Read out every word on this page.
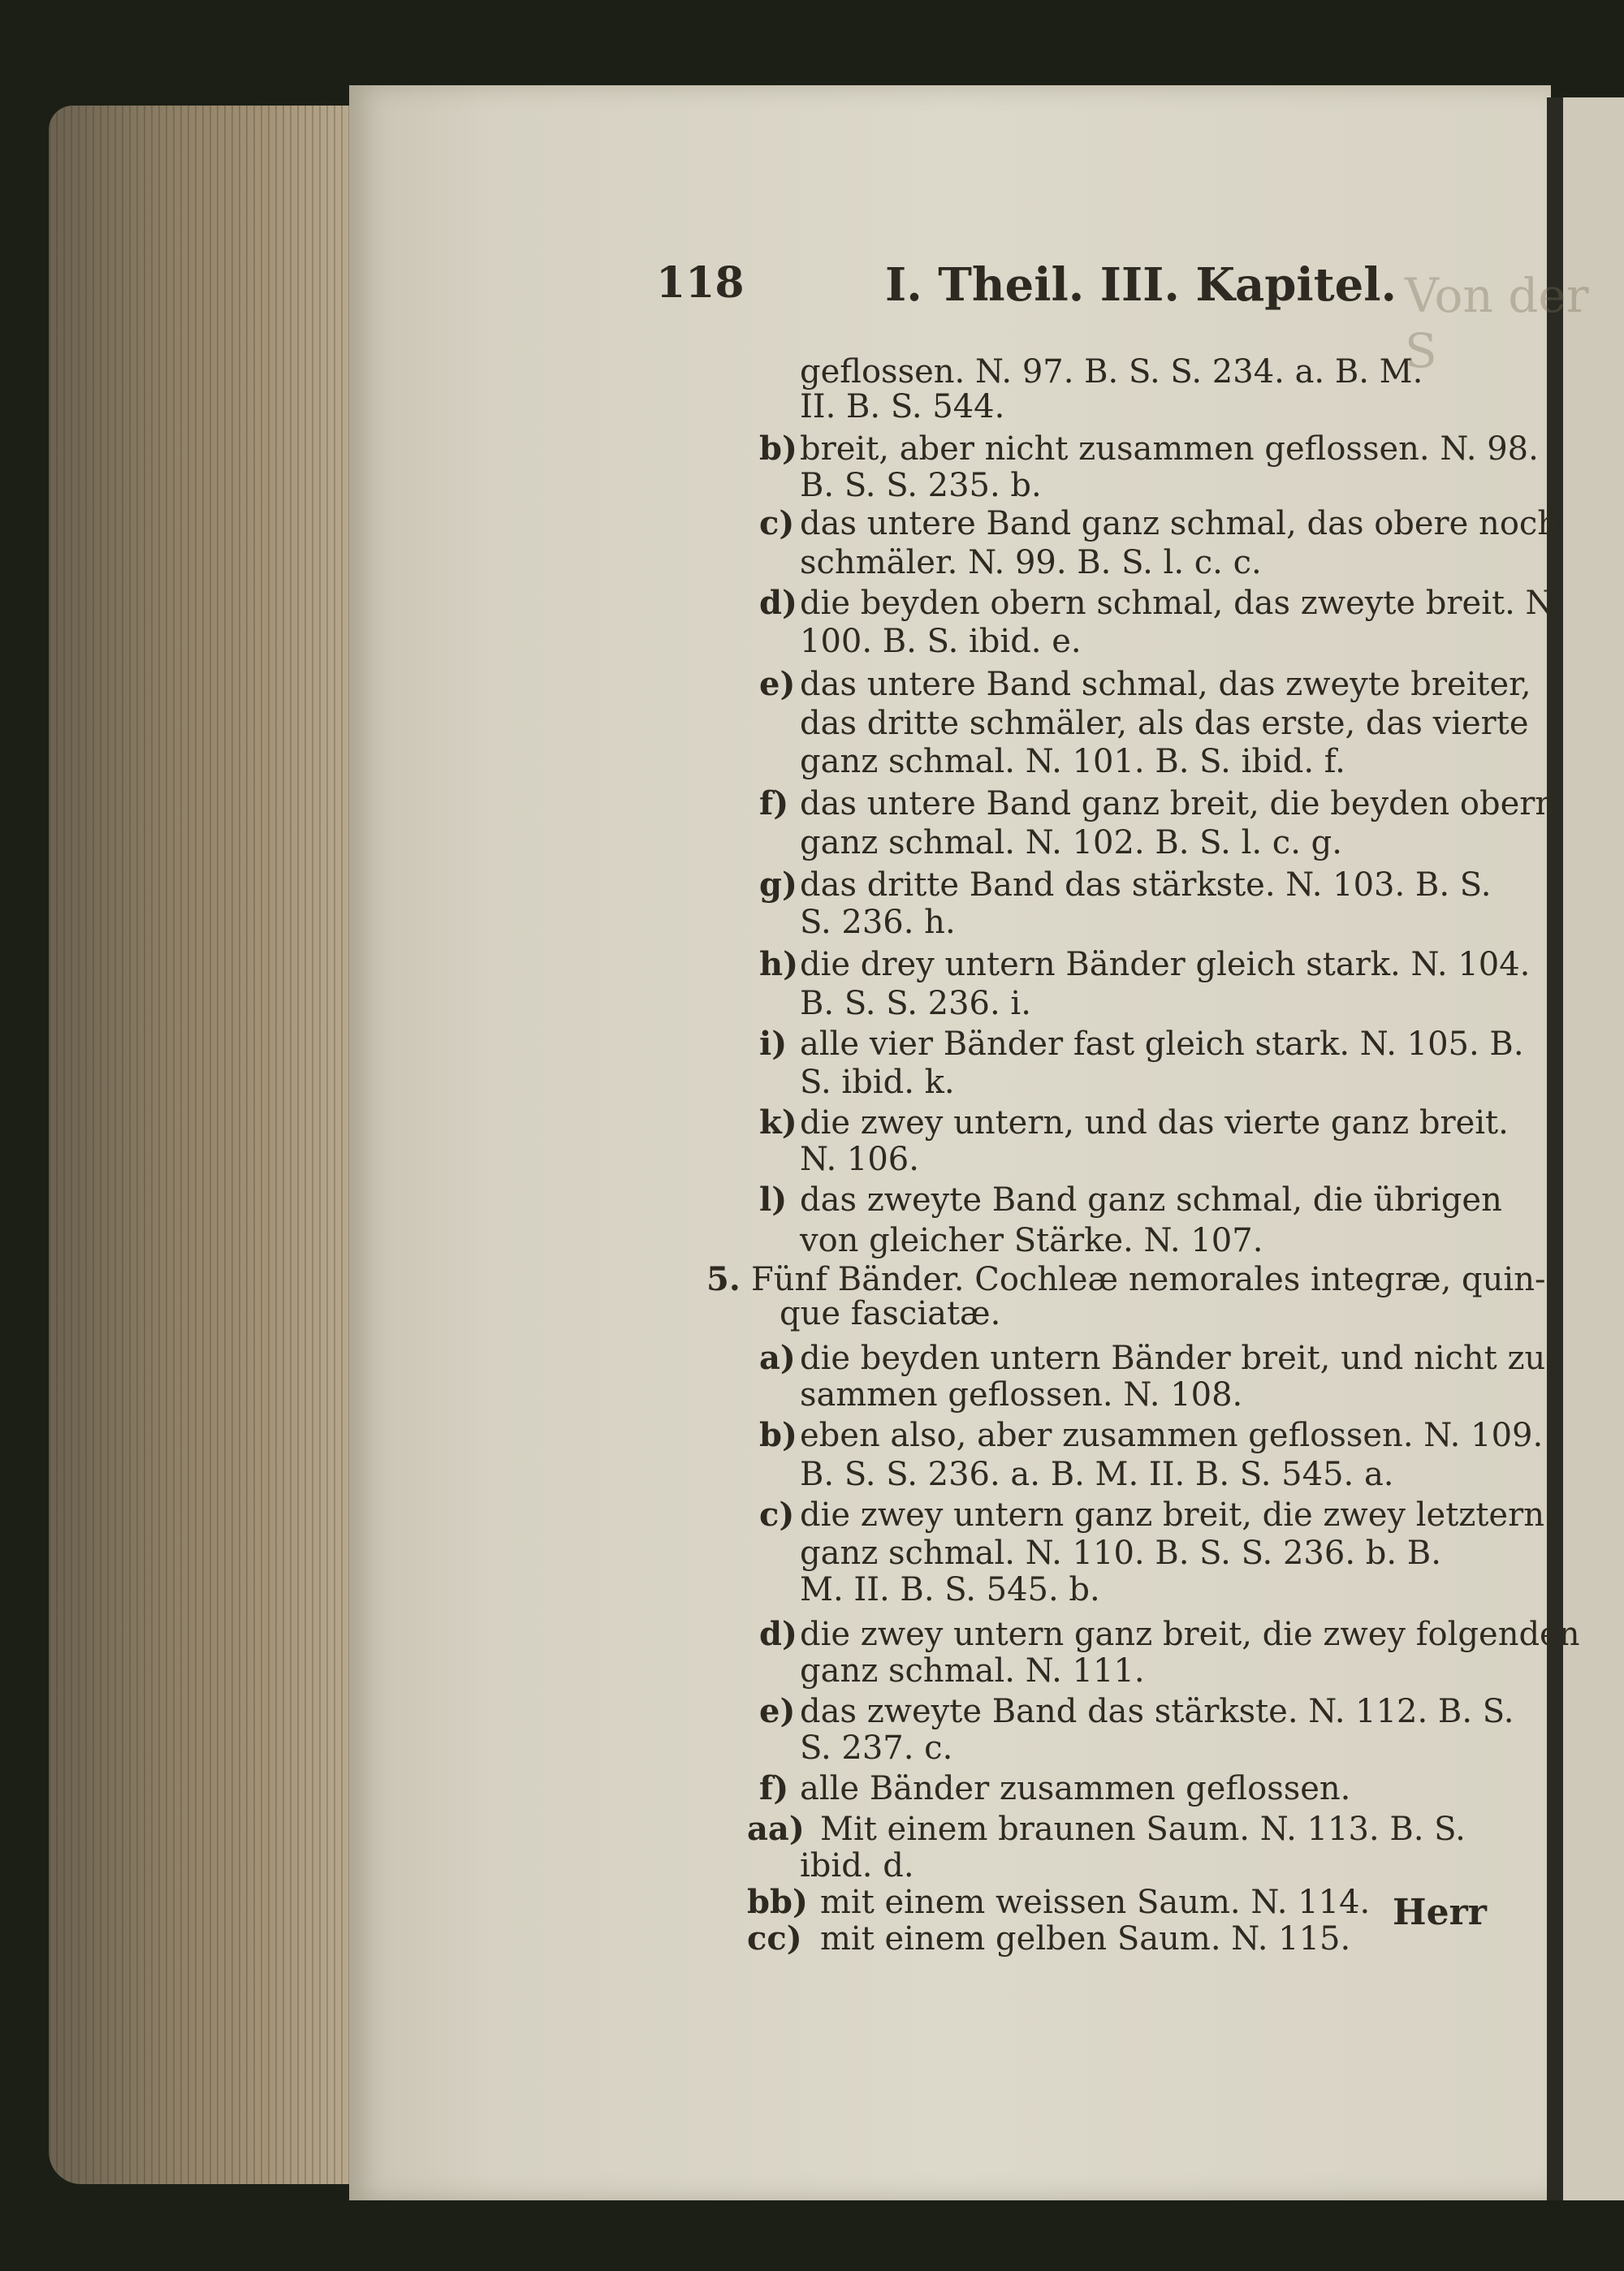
Von der S
118	I. Theil. III. Kapitel.
geflossen. N. 97. B. S. S. 234. a. B. M.
II. B. S. 544.
b) breit, aber nicht zusammen geflossen. N. 98.
B. S. S. 235. b.
c) das untere Band ganz schmal, das obere noch
schmäler. N. 99. B. S. l. c. c.
d) die beyden obern schmal, das zweyte breit. N.
100. B. S. ibid. e.
e) das untere Band schmal, das zweyte breiter,
das dritte schmäler, als das erste, das vierte
ganz schmal. N. 101. B. S. ibid. f.
f) das untere Band ganz breit, die beyden obern
ganz schmal. N. 102. B. S. l. c. g.
g) das dritte Band das stärkste. N. 103. B. S.
S. 236. h.
h) die drey untern Bänder gleich stark. N. 104.
B. S. S. 236. i.
i) alle vier Bänder fast gleich stark. N. 105. B.
S. ibid. k.
k) die zwey untern, und das vierte ganz breit.
N. 106.
l) das zweyte Band ganz schmal, die übrigen
von gleicher Stärke. N. 107.
5. Fünf Bänder. Cochleæ nemorales integræ, quin-
que fasciatæ.
a) die beyden untern Bänder breit, und nicht zu-
sammen geflossen. N. 108.
b) eben also, aber zusammen geflossen. N. 109.
B. S. S. 236. a. B. M. II. B. S. 545. a.
c) die zwey untern ganz breit, die zwey letztern
ganz schmal. N. 110. B. S. S. 236. b. B.
M. II. B. S. 545. b.
d) die zwey untern ganz breit, die zwey folgenden
ganz schmal. N. 111.
e) das zweyte Band das stärkste. N. 112. B. S.
S. 237. c.
f) alle Bänder zusammen geflossen.
aa) Mit einem braunen Saum. N. 113. B. S.
ibid. d.
bb) mit einem weissen Saum. N. 114.
cc) mit einem gelben Saum. N. 115.
Herr
